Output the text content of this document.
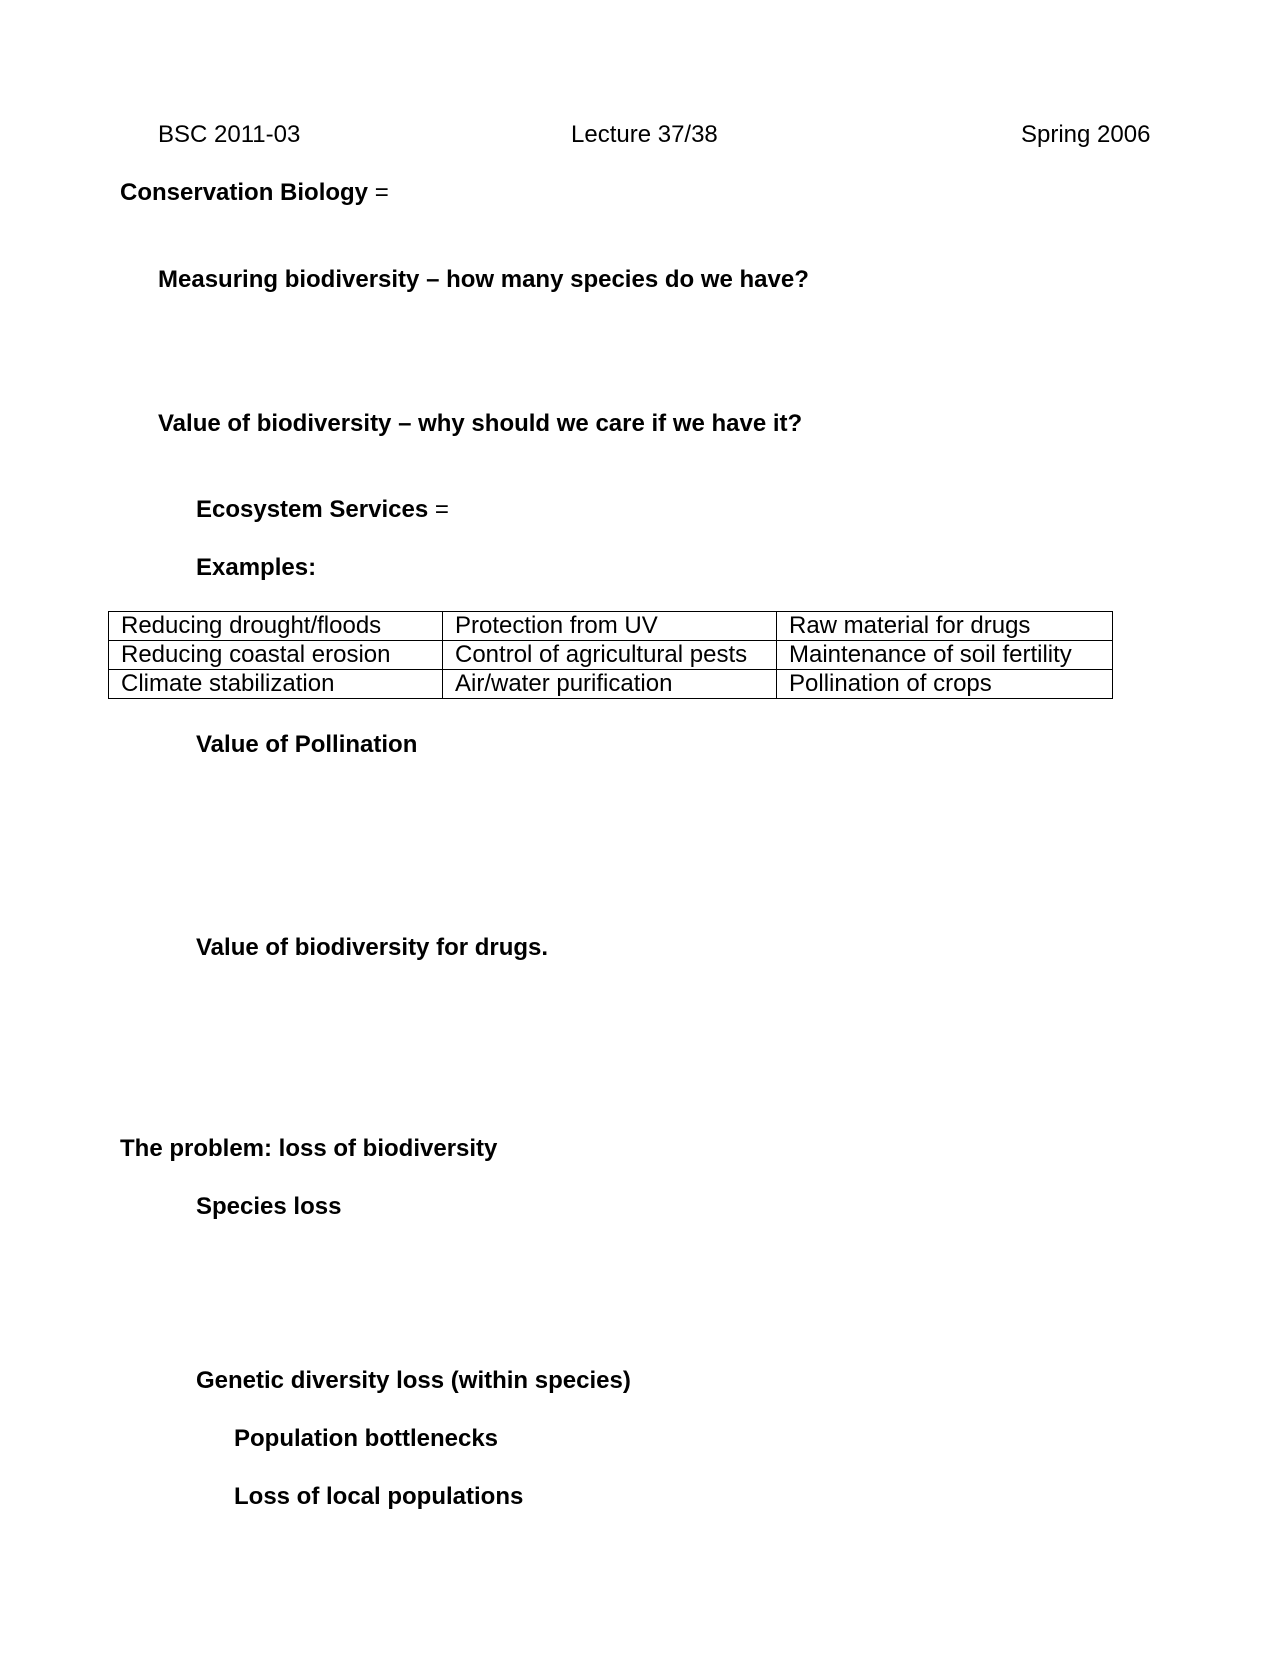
BSC 2011-03	Lecture 37/38	Spring 2006
Conservation Biology =
Measuring biodiversity – how many species do we have?
Value of biodiversity – why should we care if we have it?
Ecosystem Services =
Examples:
Reducing drought/floods	Protection from UV	Raw material for drugs
Reducing coastal erosion	Control of agricultural pests	Maintenance of soil fertility
Climate stabilization	Air/water purification	Pollination of crops
Value of Pollination
Value of biodiversity for drugs.
The problem: loss of biodiversity
Species loss
Genetic diversity loss (within species)
Population bottlenecks
Loss of local populations
